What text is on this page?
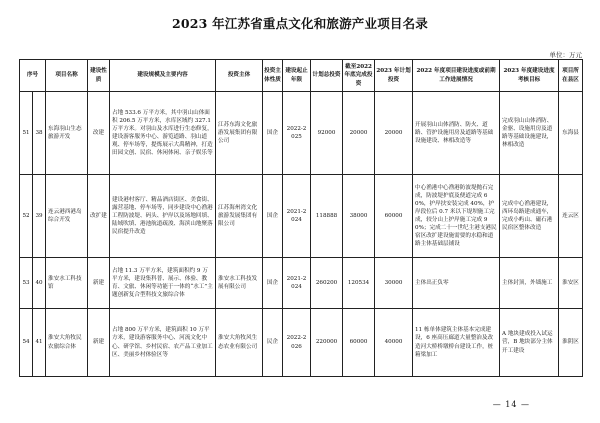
2023 年江苏省重点文化和旅游产业项目名录
单位：万元
序号		项目名称	建设性质	建设规模及主要内容	投资主体	投资主体性质	建设起止年限	计划总投资	截至2022年底完成投资	2023 年计划投资	2022 年度项目建设进度或前期工作进展情况	2023 年度建设进度考核目标	项目所在县区
51	38	东海羽山生态旅游开发	改建	占地 533.6 万平方米，其中羽山山体面积 206.5 万平方米，水库区域约 327.1 万平方米。对羽山及水库进行生态修复，建设游客服务中心、游览道路、羽山道观、停车场等，提炼展示大禹精神，打造田园文创、民宿、休闲体闲、亲子娱乐等	江苏东海文化旅游发展集团有限公司	国企	2022-2025	92000	20000	20000	开展羽山山体消防、防火、道路、管护设施用房及道路等基础设施建设、林相改造等	完成羽山山体消防、金驱、设施用房及道路等基础设施建设，林相改造	东海县
52	39	连云港西港岛综合开发	改扩建	建设港村客厅、精品酒店街区、美食街、露营基地、停车场等，同步建设中心渔港工程防波堤、码头、护岸以及场地回填、陆域吹填、港池航道疏浚、海滨山地聚落民宿提升改造	江苏海州湾文化旅游发展集团有限公司	国企	2021-2024	118888	38000	60000	中心渔港中心渔港防波堤抛石完成，防波堤护底及便道完成 60%，护岸扶安装完成 40%，护岸段位后 0.7 米以下堤坝施工完成，较分山上护岸施工完成 90%；完成二十一世纪主港支港民宿区改扩建设施需要的水稳和道路主体基础层铺设	完成中心渔港建设，西环岛路建成通车，完成小屿山、磁石港民宿区整体改造	连云区
53	40	淮安水工科技馆	新建	占地 11.3 万平方米，建筑面积约 9 万平方米，建设集科普、展示、体验、教育、文旅、休闲等功能于一体的“水工”主题创新复合型科技文旅综合体	淮安水工科技发展有限公司	国企	2021-2024	260200	120534	30000	主体出正负零	主体封顶，外墙施工	淮安区
54	41	淮安大角牧民农旅综合体	新建	占地 800 万平方米，建筑面积 10 万平方米，建设游客服务中心、河流文化中心、研学馆、乡村民宿、农产品工业加工区、美丽乡村体验区等	淮安大角牧风生态农业有限公司	民企	2022-2026	220000	60000	40000	11 栋单体建筑主体基本完成建设，6 座高压廊道大量整治及改造河大桥桥墩桥台建设工作，桩箱梁加工	A 地块建成投入试运营，B 地块部分主体开工建设	淮阴区
— 14 —
